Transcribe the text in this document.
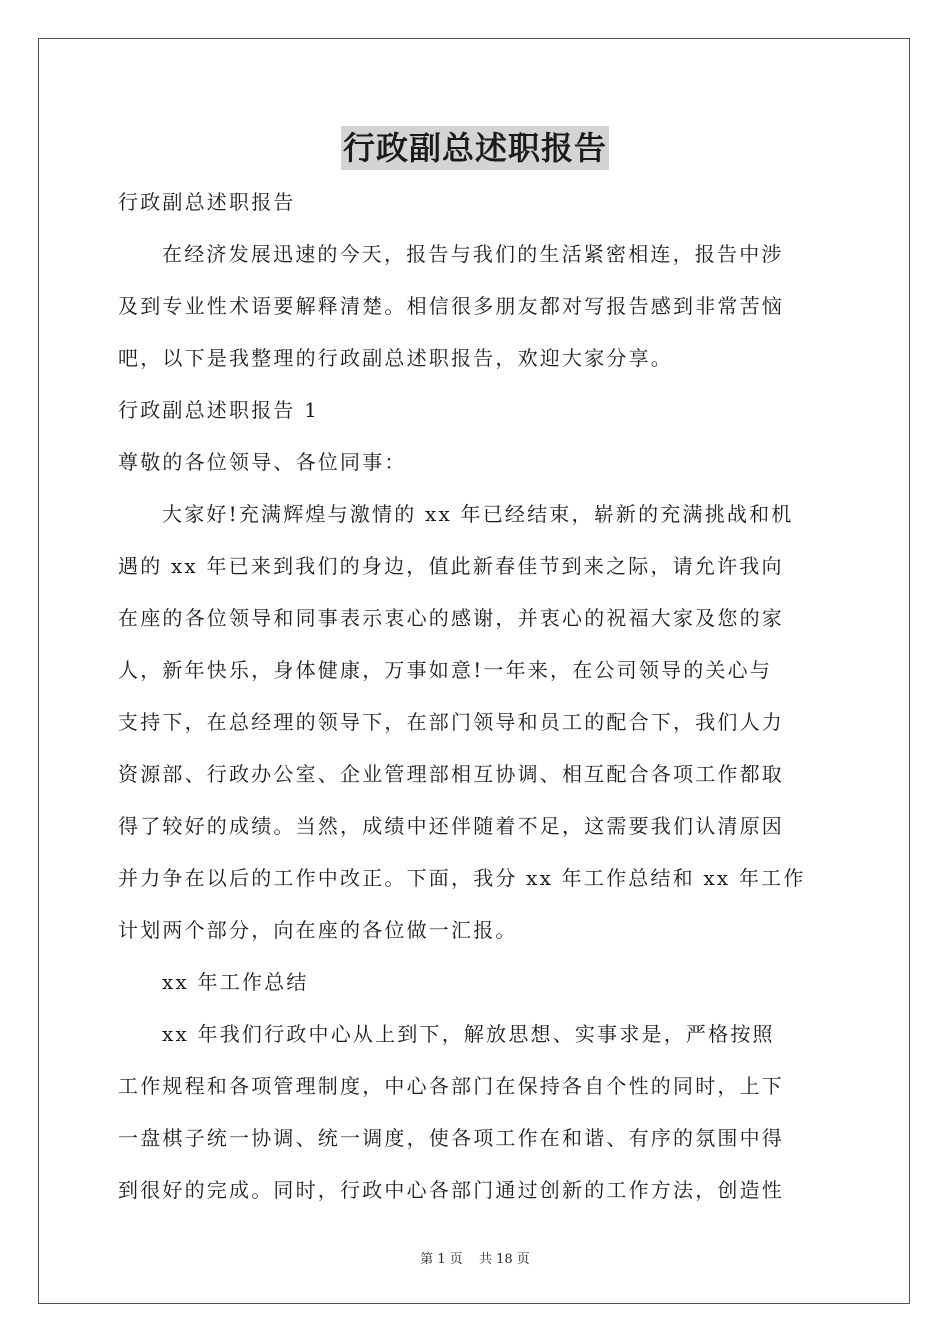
行政副总述职报告
行政副总述职报告
在经济发展迅速的今天，报告与我们的生活紧密相连，报告中涉
及到专业性术语要解释清楚。相信很多朋友都对写报告感到非常苦恼
吧，以下是我整理的行政副总述职报告，欢迎大家分享。
行政副总述职报告 1
尊敬的各位领导、各位同事：
大家好!充满辉煌与激情的 xx 年已经结束，崭新的充满挑战和机
遇的 xx 年已来到我们的身边，值此新春佳节到来之际，请允许我向
在座的各位领导和同事表示衷心的感谢，并衷心的祝福大家及您的家
人，新年快乐，身体健康，万事如意!一年来，在公司领导的关心与
支持下，在总经理的领导下，在部门领导和员工的配合下，我们人力
资源部、行政办公室、企业管理部相互协调、相互配合各项工作都取
得了较好的成绩。当然，成绩中还伴随着不足，这需要我们认清原因
并力争在以后的工作中改正。下面，我分 xx 年工作总结和 xx 年工作
计划两个部分，向在座的各位做一汇报。
xx 年工作总结
xx 年我们行政中心从上到下，解放思想、实事求是，严格按照
工作规程和各项管理制度，中心各部门在保持各自个性的同时，上下
一盘棋子统一协调、统一调度，使各项工作在和谐、有序的氛围中得
到很好的完成。同时，行政中心各部门通过创新的工作方法，创造性
第 1 页 共 18 页
